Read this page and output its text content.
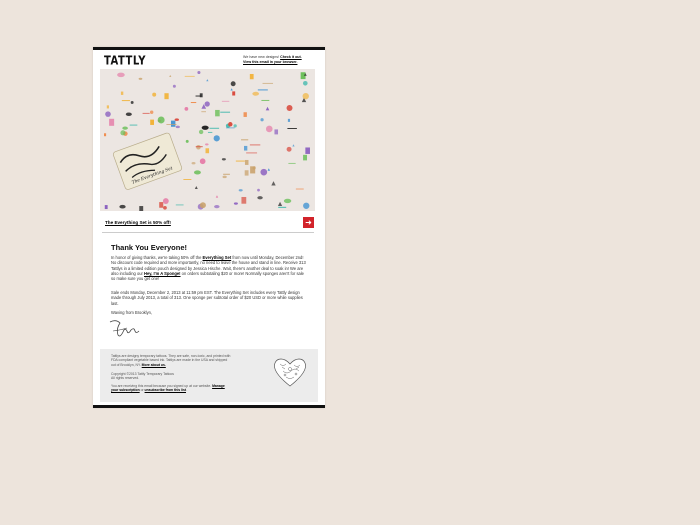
TATTLY	We have new designs! Check it out.
View this email in your browser.
The Everything Set
The Everything Set is 50% off!	➜
Thank You Everyone!
In honor of giving thanks, we're taking 50% off the Everything Set from now until Monday, December 2nd! No discount code required and more importantly, no need to leave the house and stand in line. Receive 313 Tattlys in a limited edition pouch designed by Jessica Hische. Wait, there's another deal to soak in! We are also including our Hey, I'm A Sponge! on orders subtotaling $20 or more! Normally sponges aren't for sale so make sure you get one!
Sale ends Monday, December 2, 2013 at 11:59 pm EST. The Everything Set includes every Tattly design made through July 2013, a total of 313. One sponge per subtotal order of $20 USD or more while supplies last.
Waving from Brooklyn,
Tattlys are designy temporary tattoos. They are safe, non-toxic, and printed with FDA compliant vegetable based ink. Tattlys are made in the USA and shipped out of Brooklyn, NY. More about us.
Copyright ©2013 Tattly Temporary Tattoos
All rights reserved.
You are receiving this email because you signed up at our website. Manage your subscription or unsubscribe from this list.
